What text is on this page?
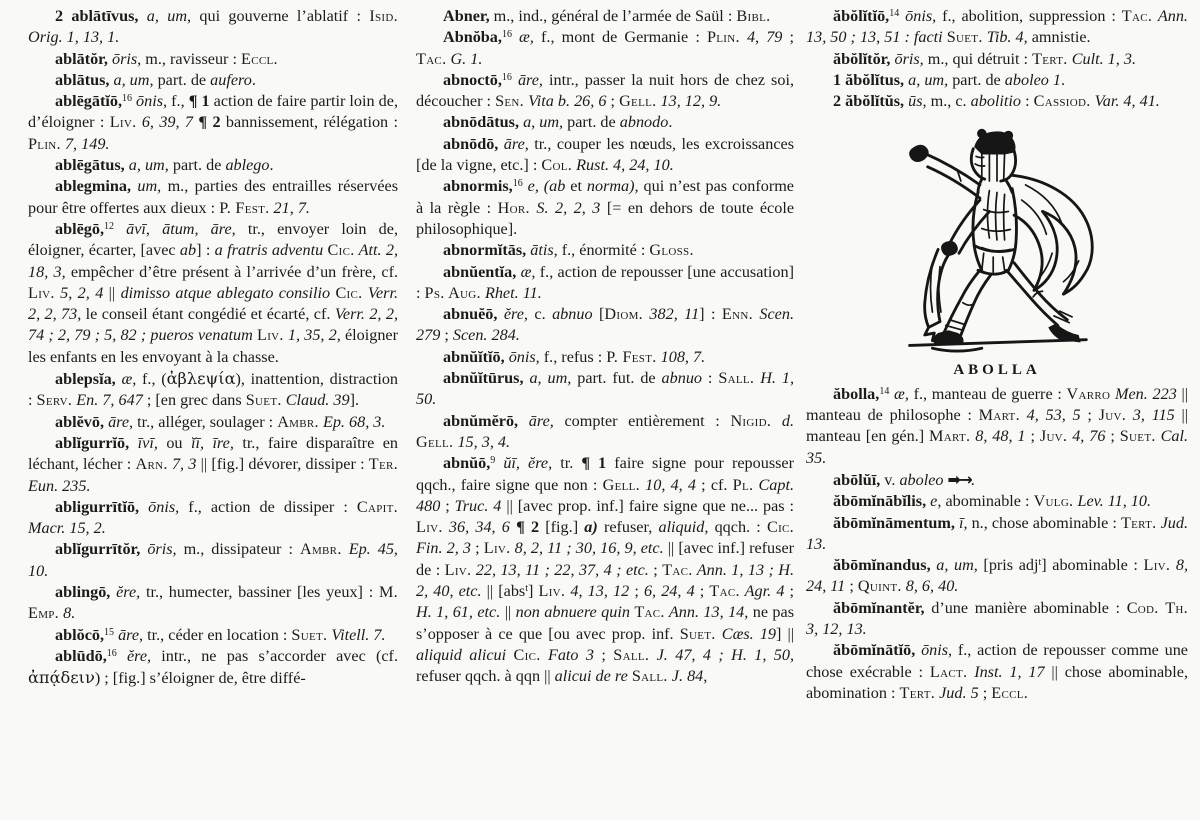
2 ablātīvus, a, um, qui gouverne l’ablatif : Isid. Orig. 1, 13, 1.

ablātŏr, ōris, m., ravisseur : Eccl.

ablātus, a, um, part. de aufero.

ablēgātĭō,$^{16}$ ōnis, f., ¶ 1 action de faire partir loin de, d’éloigner : Liv. 6, 39, 7 ¶ 2 bannissement, rélégation : Plin. 7, 149.

ablēgātus, a, um, part. de ablego.

ablegmina, um, m., parties des entrailles réservées pour être offertes aux dieux : P. Fest. 21, 7.

ablēgō,$^{12}$ āvī, ātum, āre, tr., envoyer loin de, éloigner, écarter, [avec ab] : a fratris adventu Cic. Att. 2, 18, 3, empêcher d’être présent à l’arrivée d’un frère, cf. Liv. 5, 2, 4 || dimisso atque ablegato consilio Cic. Verr. 2, 2, 73, le conseil étant congédié et écarté, cf. Verr. 2, 2, 74 ; 2, 79 ; 5, 82 ; pueros venatum Liv. 1, 35, 2, éloigner les enfants en les envoyant à la chasse.

ablepsĭa, æ, f., (ἀβλεψία), inattention, distraction : Serv. En. 7, 647 ; [en grec dans Suet. Claud. 39].

ablĕvō, āre, tr., alléger, soulager : Ambr. Ep. 68, 3.

ablĭgurrĭō, īvī, ou ĭī, īre, tr., faire disparaître en léchant, lécher : Arn. 7, 3 || [fig.] dévorer, dissiper : Ter. Eun. 235.

abligurrītĭō, ōnis, f., action de dissiper : Capit. Macr. 15, 2.

ablĭgurrītŏr, ōris, m., dissipateur : Ambr. Ep. 45, 10.

ablingō, ĕre, tr., humecter, bassiner [les yeux] : M. Emp. 8.

ablŏcō,$^{15}$ āre, tr., céder en location : Suet. Vitell. 7.

ablūdō,$^{16}$ ĕre, intr., ne pas s’accorder avec (cf. ἀπᾴδειν) ; [fig.] s’éloigner de, être diffé-

Abner, m., ind., général de l’armée de Saül : Bibl.

Abnŏba,$^{16}$ æ, f., mont de Germanie : Plin. 4, 79 ; Tac. G. 1.

abnoctō,$^{16}$ āre, intr., passer la nuit hors de chez soi, découcher : Sen. Vita b. 26, 6 ; Gell. 13, 12, 9.

abnōdātus, a, um, part. de abnodo.

abnōdō, āre, tr., couper les nœuds, les excroissances [de la vigne, etc.] : Col. Rust. 4, 24, 10.

abnormis,$^{16}$ e, (ab et norma), qui n’est pas conforme à la règle : Hor. S. 2, 2, 3 [= en dehors de toute école philosophique].

abnormĭtās, ātis, f., énormité : Gloss.

abnŭentĭa, æ, f., action de repousser [une accusation] : Ps. Aug. Rhet. 11.

abnuĕō, ĕre, c. abnuo [Diom. 382, 11] : Enn. Scen. 279 ; Scen. 284.

abnŭĭtĭō, ōnis, f., refus : P. Fest. 108, 7.

abnŭĭtūrus, a, um, part. fut. de abnuo : Sall. H. 1, 50.

abnŭmĕrō, āre, compter entièrement : Nigid. d. Gell. 15, 3, 4.

abnŭō,$^9$ ŭī, ĕre, tr. ¶ 1 faire signe pour repousser qqch., faire signe que non : Gell. 10, 4, 4 ; cf. Pl. Capt. 480 ; Truc. 4 || [avec prop. inf.] faire signe que ne... pas : Liv. 36, 34, 6 ¶ 2 [fig.] a) refuser, aliquid, qqch. : Cic. Fin. 2, 3 ; Liv. 8, 2, 11 ; 30, 16, 9, etc. || [avec inf.] refuser de : Liv. 22, 13, 11 ; 22, 37, 4 ; etc. ; Tac. Ann. 1, 13 ; H. 2, 40, etc. || [abs$^t$] Liv. 4, 13, 12 ; 6, 24, 4 ; Tac. Agr. 4 ; H. 1, 61, etc. || non abnuere quin Tac. Ann. 13, 14, ne pas s’opposer à ce que [ou avec prop. inf. Suet. Cæs. 19] || aliquid alicui Cic. Fato 3 ; Sall. J. 47, 4 ; H. 1, 50, refuser qqch. à qqn || alicui de re Sall. J. 84,

ăbŏlĭtĭō,$^{14}$ ōnis, f., abolition, suppression : Tac. Ann. 13, 50 ; 13, 51 : facti Suet. Tib. 4, amnistie.

ăbŏlĭtŏr, ōris, m., qui détruit : Tert. Cult. 1, 3.

1 ăbŏlĭtus, a, um, part. de aboleo 1.

2 ăbŏlĭtŭs, ūs, m., c. abolitio : Cassiod. Var. 4, 41.

ABOLLA

ăbolla,$^{14}$ æ, f., manteau de guerre : Varro Men. 223 || manteau de philosophe : Mart. 4, 53, 5 ; Juv. 3, 115 || manteau [en gén.] Mart. 8, 48, 1 ; Juv. 4, 76 ; Suet. Cal. 35.

abōlŭī, v. aboleo ➡→.

ăbōmĭnābĭlis, e, abominable : Vulg. Lev. 11, 10.

ăbōmĭnāmentum, ī, n., chose abominable : Tert. Jud. 13.

ăbōmĭnandus, a, um, [pris adj$^t$] abominable : Liv. 8, 24, 11 ; Quint. 8, 6, 40.

ăbōmĭnantĕr, d’une manière abominable : Cod. Th. 3, 12, 13.

ăbōmĭnātĭō, ōnis, f., action de repousser comme une chose exécrable : Lact. Inst. 1, 17 || chose abominable, abomination : Tert. Jud. 5 ; Eccl.
